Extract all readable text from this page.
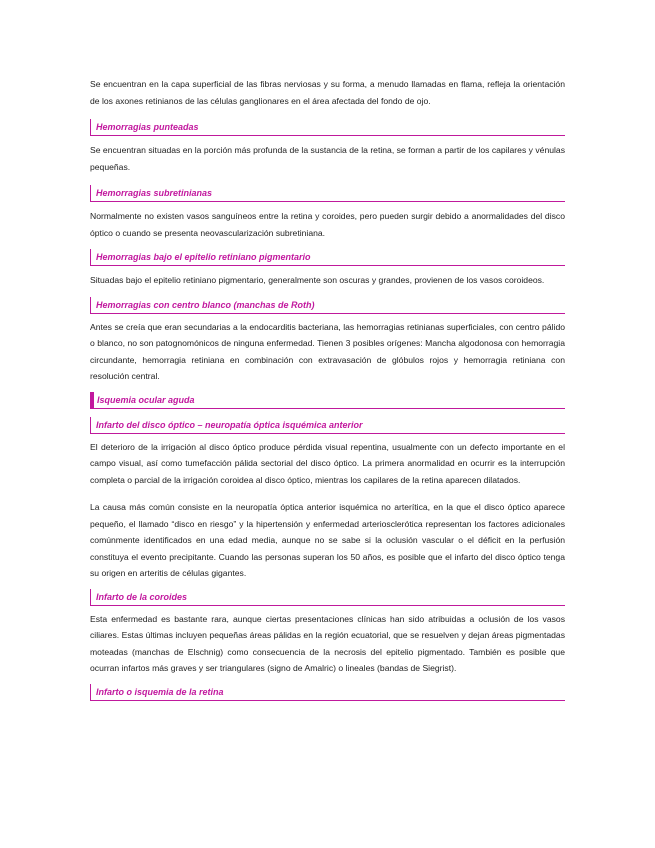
Se encuentran en la capa superficial de las fibras nerviosas y su forma, a menudo llamadas en flama, refleja la orientación de los axones retinianos de las células ganglionares en el área afectada del fondo de ojo.

Hemorragias punteadas

Se encuentran situadas en la porción más profunda de la sustancia de la retina, se forman a partir de los capilares y vénulas pequeñas.

Hemorragias subretinianas

Normalmente no existen vasos sanguíneos entre la retina y coroides, pero pueden surgir debido a anormalidades del disco óptico o cuando se presenta neovascularización subretiniana.

Hemorragias bajo el epitelio retiniano pigmentario

Situadas bajo el epitelio retiniano pigmentario, generalmente son oscuras y grandes, provienen de los vasos coroideos.

Hemorragias con centro blanco (manchas de Roth)

Antes se creía que eran secundarias a la endocarditis bacteriana, las hemorragias retinianas superficiales, con centro pálido o blanco, no son patognomónicos de ninguna enfermedad. Tienen 3 posibles orígenes: Mancha algodonosa con hemorragia circundante, hemorragia retiniana en combinación con extravasación de glóbulos rojos y hemorragia retiniana con resolución central.

Isquemia ocular aguda
Infarto del disco óptico – neuropatía óptica isquémica anterior

El deterioro de la irrigación al disco óptico produce pérdida visual repentina, usualmente con un defecto importante en el campo visual, así como tumefacción pálida sectorial del disco óptico. La primera anormalidad en ocurrir es la interrupción completa o parcial de la irrigación coroidea al disco óptico, mientras los capilares de la retina aparecen dilatados.

La causa más común consiste en la neuropatía óptica anterior isquémica no arterítica, en la que el disco óptico aparece pequeño, el llamado “disco en riesgo” y la hipertensión y enfermedad arteriosclerótica representan los factores adicionales comúnmente identificados en una edad media, aunque no se sabe si la oclusión vascular o el déficit en la perfusión constituya el evento precipitante. Cuando las personas superan los 50 años, es posible que el infarto del disco óptico tenga su origen en arteritis de células gigantes.

Infarto de la coroides

Esta enfermedad es bastante rara, aunque ciertas presentaciones clínicas han sido atribuidas a oclusión de los vasos ciliares. Estas últimas incluyen pequeñas áreas pálidas en la región ecuatorial, que se resuelven y dejan áreas pigmentadas moteadas (manchas de Elschnig) como consecuencia de la necrosis del epitelio pigmentado. También es posible que ocurran infartos más graves y ser triangulares (signo de Amalric) o lineales (bandas de Siegrist).

Infarto o isquemia de la retina
